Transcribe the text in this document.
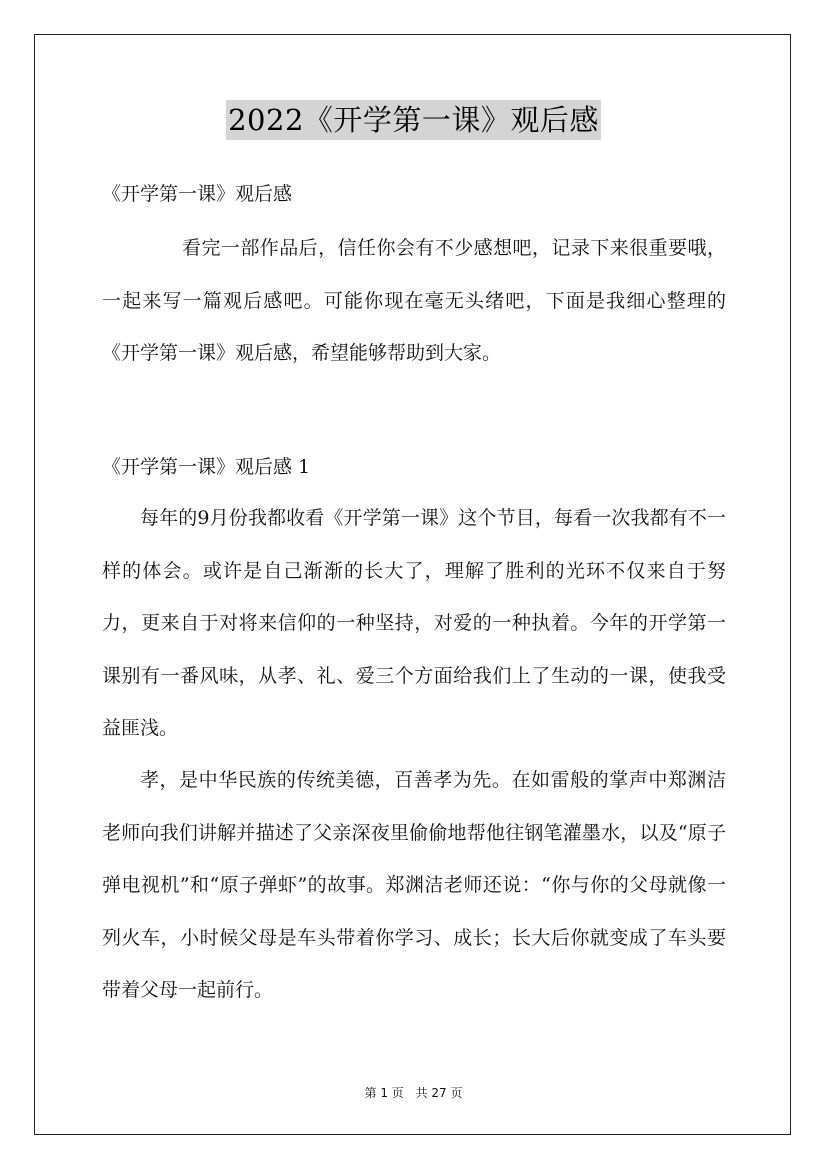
2022《开学第一课》观后感
《开学第一课》观后感

看完一部作品后，信任你会有不少感想吧，记录下来很重要哦，一起来写一篇观后感吧。可能你现在毫无头绪吧，下面是我细心整理的《开学第一课》观后感，希望能够帮助到大家。

《开学第一课》观后感 1

每年的9月份我都收看《开学第一课》这个节目，每看一次我都有不一样的体会。或许是自己渐渐的长大了，理解了胜利的光环不仅来自于努力，更来自于对将来信仰的一种坚持，对爱的一种执着。今年的开学第一课别有一番风味，从孝、礼、爱三个方面给我们上了生动的一课，使我受益匪浅。

孝，是中华民族的传统美德，百善孝为先。在如雷般的掌声中郑渊洁老师向我们讲解并描述了父亲深夜里偷偷地帮他往钢笔灌墨水，以及“原子弹电视机”和“原子弹虾”的故事。郑渊洁老师还说：“你与你的父母就像一列火车，小时候父母是车头带着你学习、成长；长大后你就变成了车头要带着父母一起前行。

第 1 页 共 27 页
